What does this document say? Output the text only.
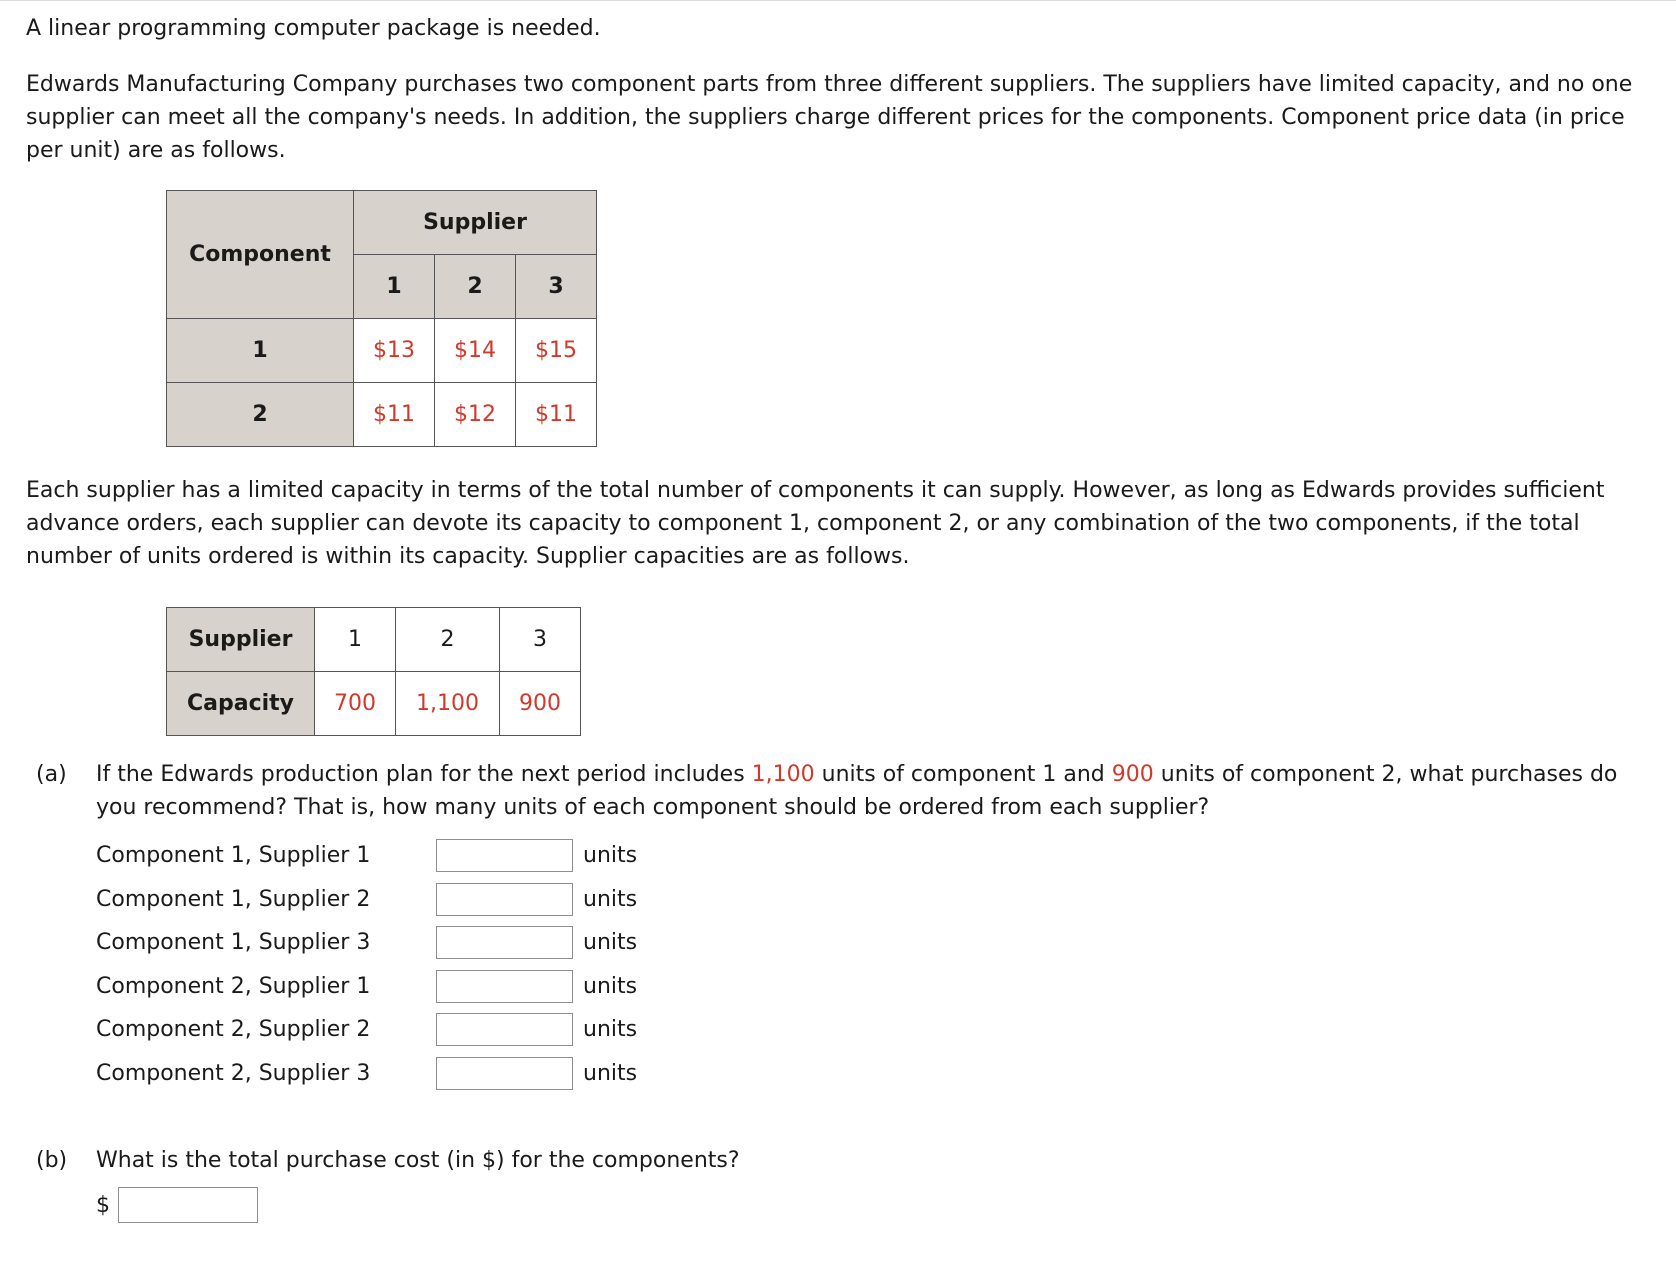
A linear programming computer package is needed.

Edwards Manufacturing Company purchases two component parts from three different suppliers. The suppliers have limited capacity, and no one supplier can meet all the company's needs. In addition, the suppliers charge different prices for the components. Component price data (in price per unit) are as follows.

Component	Supplier		
	1	2	3
1	$13	$14	$15
2	$11	$12	$11

Each supplier has a limited capacity in terms of the total number of components it can supply. However, as long as Edwards provides sufficient advance orders, each supplier can devote its capacity to component 1, component 2, or any combination of the two components, if the total number of units ordered is within its capacity. Supplier capacities are as follows.

Supplier	1	2	3
Capacity	700	1,100	900
(a) If the Edwards production plan for the next period includes 1,100 units of component 1 and 900 units of component 2, what purchases do you recommend? That is, how many units of each component should be ordered from each supplier?

Component 1, Supplier 1	units
Component 1, Supplier 2	units
Component 1, Supplier 3	units
Component 2, Supplier 1	units
Component 2, Supplier 2	units
Component 2, Supplier 3	units
(b) What is the total purchase cost (in $) for the components?

$
